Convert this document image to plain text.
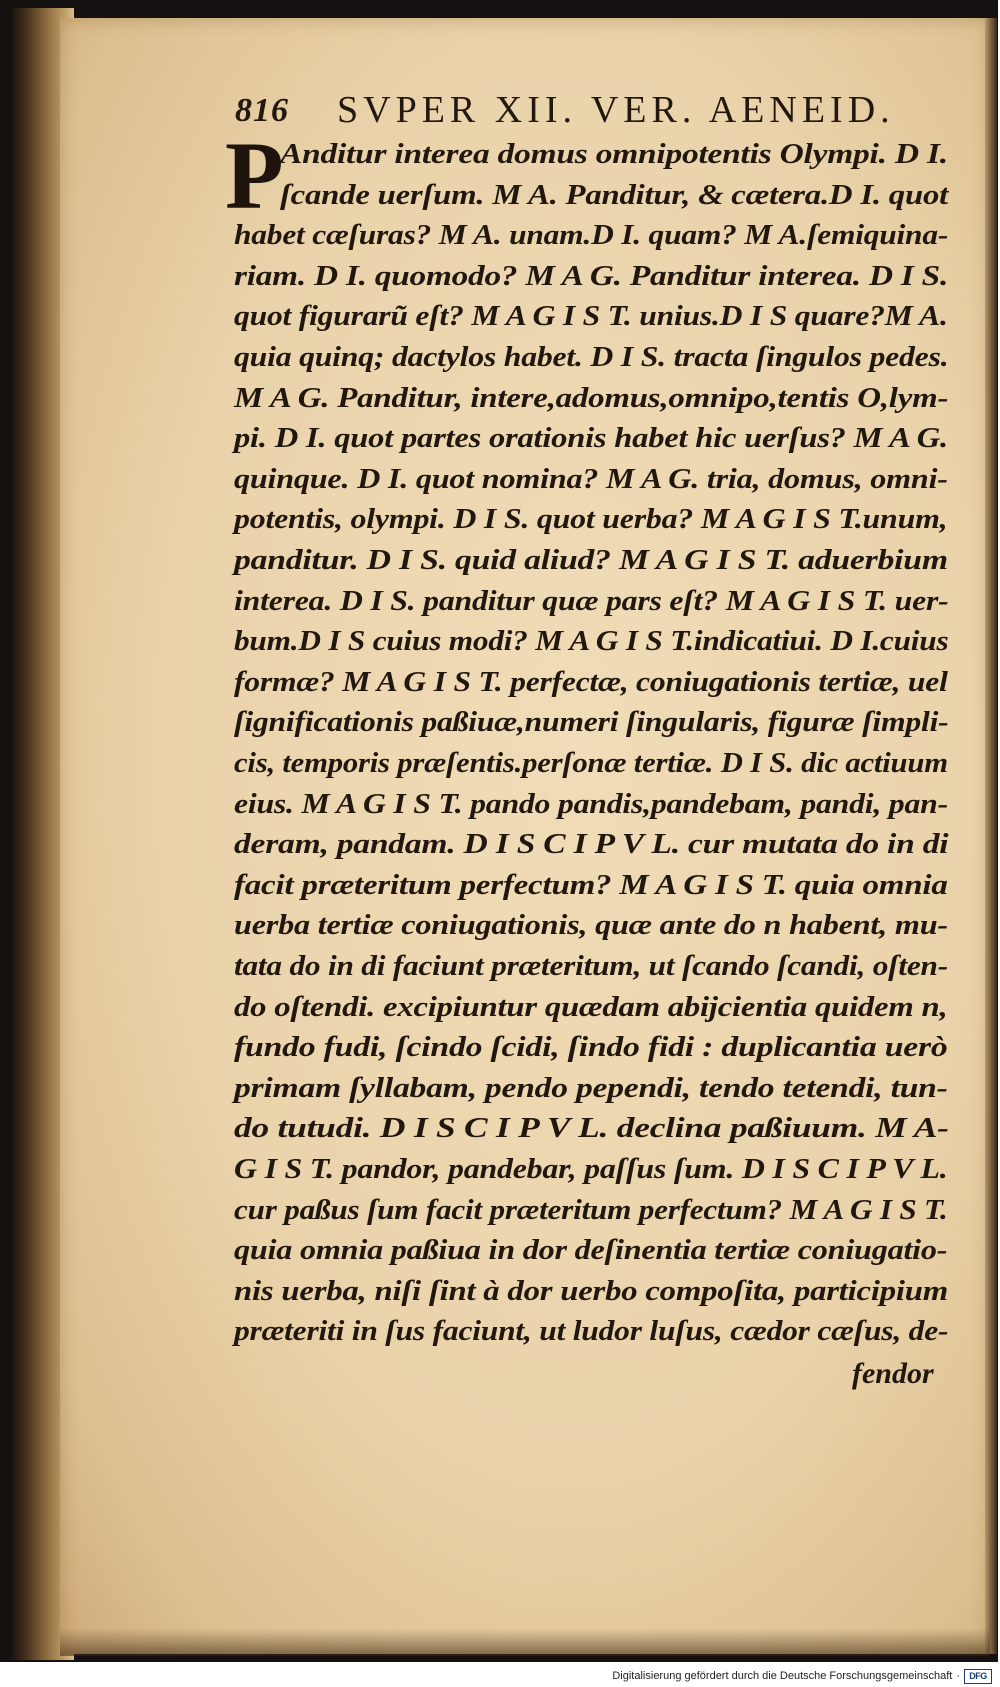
816 SVPER XII. VER. AENEID.
P
Anditur interea domus omnipotentis Olympi. D I.
ſcande uerſum. M A. Panditur, & cætera.D I. quot
habet cæſuras? M A. unam.D I. quam? M A.ſemiquina-
riam. D I. quomodo? M A G. Panditur interea. D I S.
quot figurarũ eſt? M A G I S T. unius.D I S quare?M A.
quia quinq; dactylos habet. D I S. tracta ſingulos pedes.
M A G. Panditur, intere,adomus,omnipo,tentis O,lym-
pi. D I. quot partes orationis habet hic uerſus? M A G.
quinque. D I. quot nomina? M A G. tria, domus, omni-
potentis, olympi. D I S. quot uerba? M A G I S T.unum,
panditur. D I S. quid aliud? M A G I S T. aduerbium
interea. D I S. panditur quæ pars eſt? M A G I S T. uer-
bum.D I S cuius modi? M A G I S T.indicatiui. D I.cuius
formæ? M A G I S T. perfectæ, coniugationis tertiæ, uel
ſignificationis paßiuæ,numeri ſingularis, figuræ ſimpli-
cis, temporis præſentis.perſonæ tertiæ. D I S. dic actiuum
eius. M A G I S T. pando pandis,pandebam, pandi, pan-
deram, pandam. D I S C I P V L. cur mutata do in di
facit præteritum perfectum? M A G I S T. quia omnia
uerba tertiæ coniugationis, quæ ante do n habent, mu-
tata do in di faciunt præteritum, ut ſcando ſcandi, oſten-
do oſtendi. excipiuntur quædam abijcientia quidem n,
fundo fudi, ſcindo ſcidi, ſindo fidi : duplicantia uerò
primam ſyllabam, pendo pependi, tendo tetendi, tun-
do tutudi. D I S C I P V L. declina paßiuum. M A-
G I S T. pandor, pandebar, paſſus ſum. D I S C I P V L.
cur paßus ſum facit præteritum perfectum? M A G I S T.
quia omnia paßiua in dor deſinentia tertiæ coniugatio-
nis uerba, niſi ſint à dor uerbo compoſita, participium
præteriti in ſus faciunt, ut ludor luſus, cædor cæſus, de-
fendor
Digitalisierung gefördert durch die Deutsche Forschungsgemeinschaft ·	DFG
